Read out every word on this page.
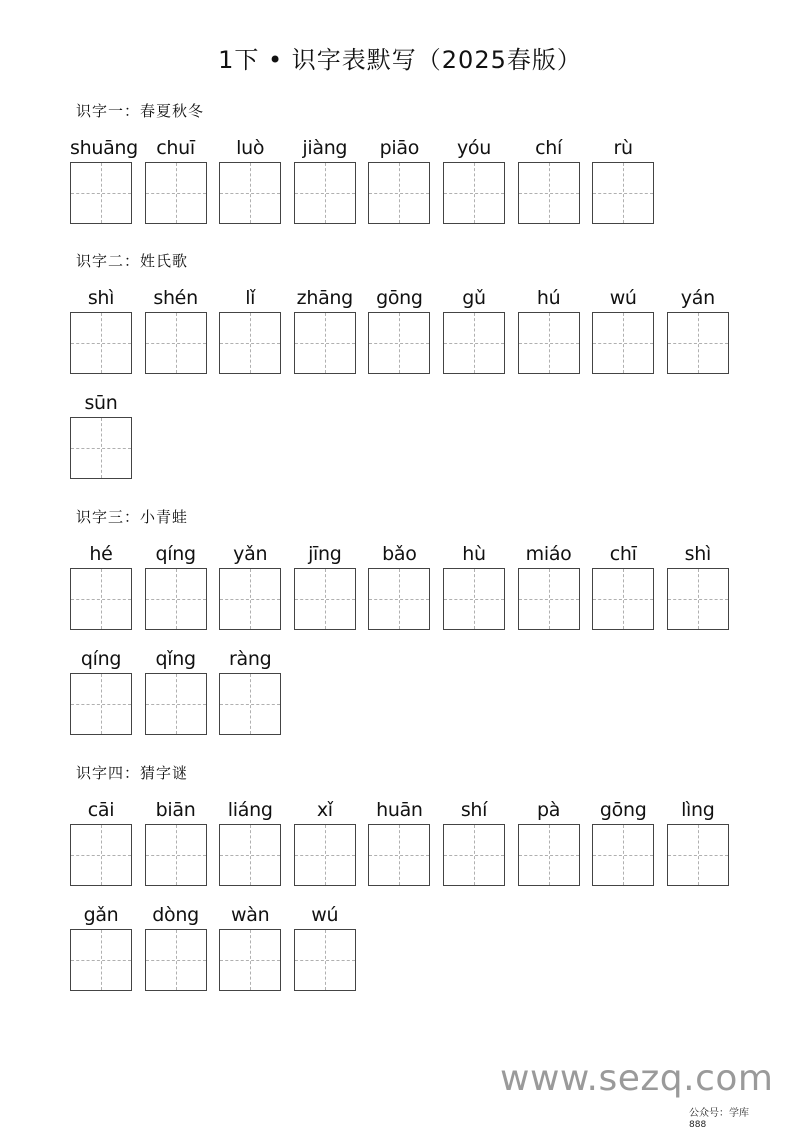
1下 • 识字表默写（2025春版）
识字一：春夏秋冬
shuāng chuī	luò	jiàng	piāo	yóu	chí	rù
识字二：姓氏歌
shì	shén	lǐ	zhāng	gōng	gǔ	hú	wú	yán
sūn
识字三：小青蛙
hé	qíng	yǎn	jīng	bǎo	hù	miáo	chī	shì
qíng	qǐng	ràng
识字四：猜字谜
cāi	biān	liáng	xǐ	huān	shí	pà	gōng	lìng
gǎn	dòng	wàn	wú
www.sezq.com
公众号：学库
888
